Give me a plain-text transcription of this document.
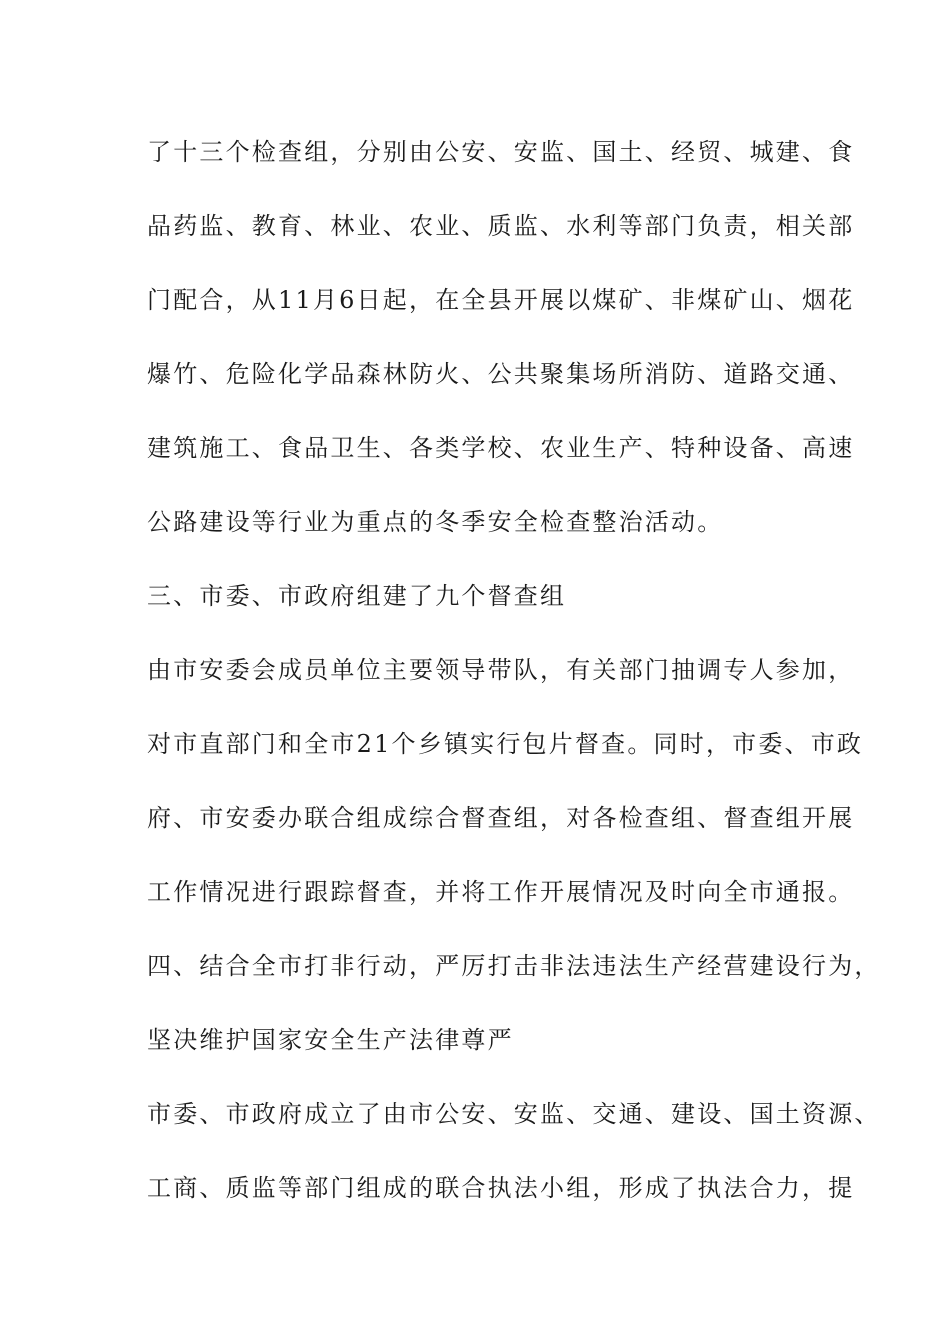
了十三个检查组，分别由公安、安监、国土、经贸、城建、食
品药监、教育、林业、农业、质监、水利等部门负责，相关部
门配合，从11月6日起，在全县开展以煤矿、非煤矿山、烟花
爆竹、危险化学品森林防火、公共聚集场所消防、道路交通、
建筑施工、食品卫生、各类学校、农业生产、特种设备、高速
公路建设等行业为重点的冬季安全检查整治活动。
三、市委、市政府组建了九个督查组
由市安委会成员单位主要领导带队，有关部门抽调专人参加，
对市直部门和全市21个乡镇实行包片督查。同时，市委、市政
府、市安委办联合组成综合督查组，对各检查组、督查组开展
工作情况进行跟踪督查，并将工作开展情况及时向全市通报。
四、结合全市打非行动，严厉打击非法违法生产经营建设行为，
坚决维护国家安全生产法律尊严
市委、市政府成立了由市公安、安监、交通、建设、国土资源、
工商、质监等部门组成的联合执法小组，形成了执法合力，提
